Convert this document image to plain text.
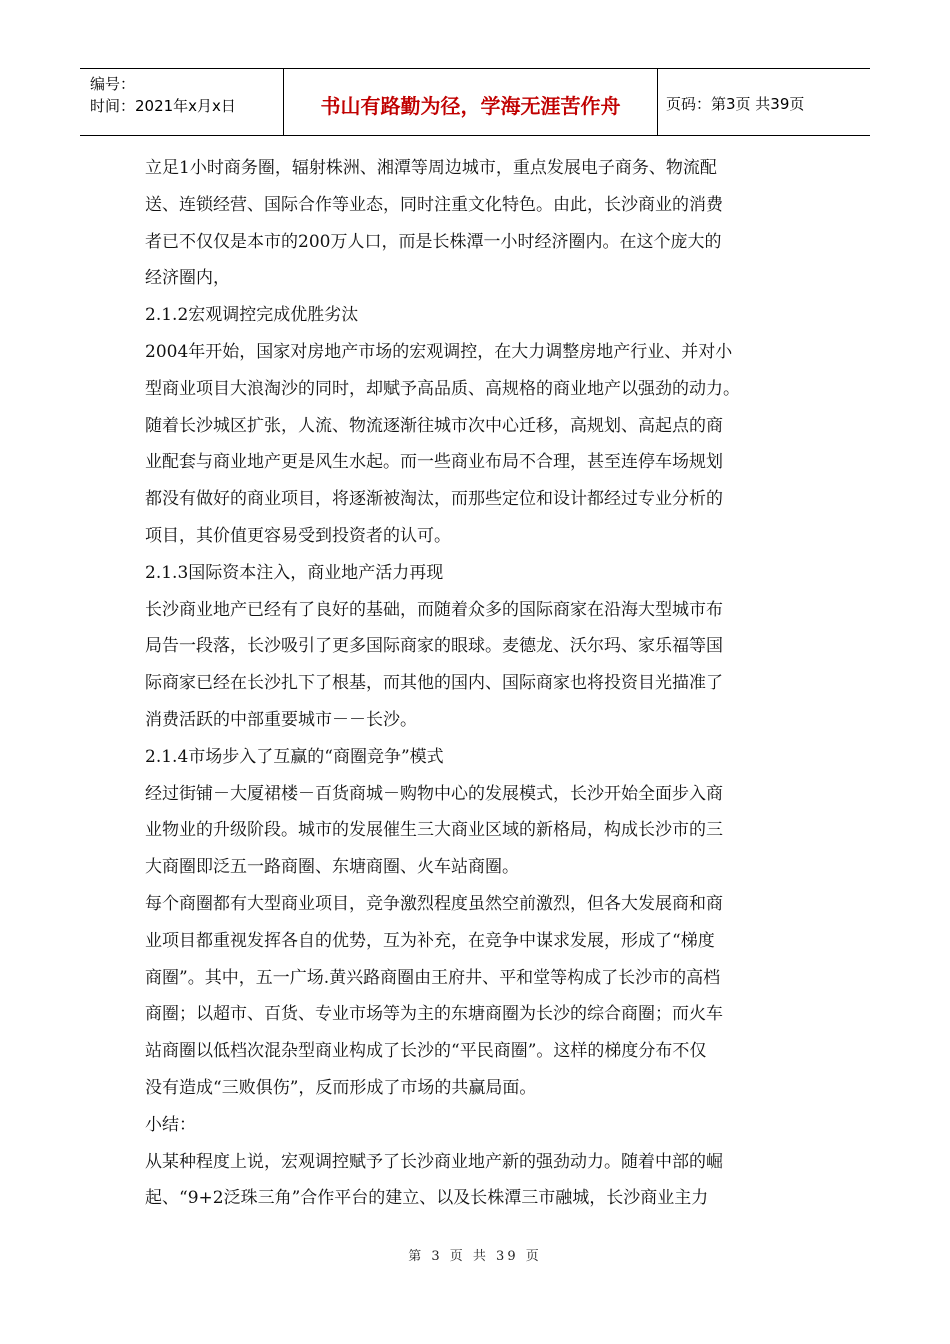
编号：
时间：2021年x月x日	书山有路勤为径，学海无涯苦作舟	页码：第3页 共39页
立足1小时商务圈，辐射株洲、湘潭等周边城市，重点发展电子商务、物流配
送、连锁经营、国际合作等业态，同时注重文化特色。由此，长沙商业的消费
者已不仅仅是本市的200万人口，而是长株潭一小时经济圈内。在这个庞大的
经济圈内，
2.1.2宏观调控完成优胜劣汰
2004年开始，国家对房地产市场的宏观调控，在大力调整房地产行业、并对小
型商业项目大浪淘沙的同时，却赋予高品质、高规格的商业地产以强劲的动力。
随着长沙城区扩张，人流、物流逐渐往城市次中心迁移，高规划、高起点的商
业配套与商业地产更是风生水起。而一些商业布局不合理，甚至连停车场规划
都没有做好的商业项目，将逐渐被淘汰，而那些定位和设计都经过专业分析的
项目，其价值更容易受到投资者的认可。
2.1.3国际资本注入，商业地产活力再现
长沙商业地产已经有了良好的基础，而随着众多的国际商家在沿海大型城市布
局告一段落，长沙吸引了更多国际商家的眼球。麦德龙、沃尔玛、家乐福等国
际商家已经在长沙扎下了根基，而其他的国内、国际商家也将投资目光描准了
消费活跃的中部重要城市－－长沙。
2.1.4市场步入了互赢的“商圈竞争”模式
经过街铺－大厦裙楼－百货商城－购物中心的发展模式，长沙开始全面步入商
业物业的升级阶段。城市的发展催生三大商业区域的新格局，构成长沙市的三
大商圈即泛五一路商圈、东塘商圈、火车站商圈。
每个商圈都有大型商业项目，竞争激烈程度虽然空前激烈，但各大发展商和商
业项目都重视发挥各自的优势，互为补充，在竞争中谋求发展，形成了“梯度
商圈”。其中，五一广场.黄兴路商圈由王府井、平和堂等构成了长沙市的高档
商圈；以超市、百货、专业市场等为主的东塘商圈为长沙的综合商圈；而火车
站商圈以低档次混杂型商业构成了长沙的“平民商圈”。这样的梯度分布不仅
没有造成“三败俱伤”，反而形成了市场的共赢局面。
小结：
从某种程度上说，宏观调控赋予了长沙商业地产新的强劲动力。随着中部的崛
起、“9+2泛珠三角”合作平台的建立、以及长株潭三市融城，长沙商业主力
第 3 页 共 39 页
